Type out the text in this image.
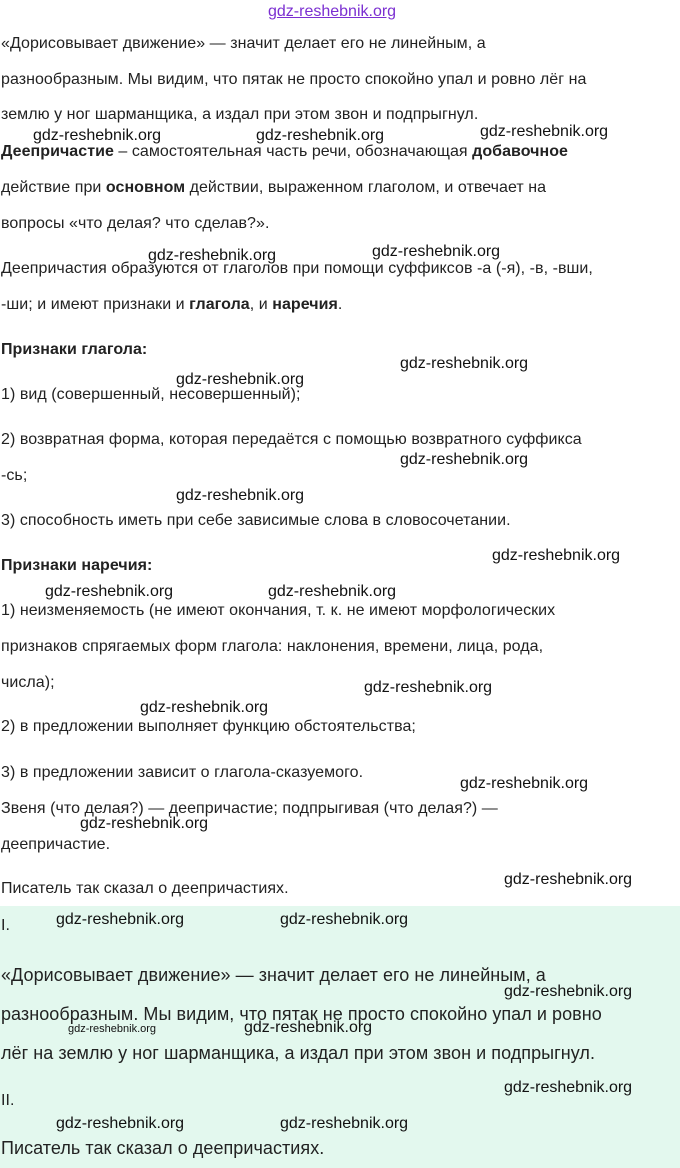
«Дорисовывает движение» — значит делает его не линейным, а
разнообразным. Мы видим, что пятак не просто спокойно упал и ровно лёг на
землю у ног шарманщика, а издал при этом звон и подпрыгнул.
Деепричастие – самостоятельная часть речи, обозначающая добавочное
действие при основном действии, выраженном глаголом, и отвечает на
вопросы «что делая? что сделав?».
Деепричастия образуются от глаголов при помощи суффиксов -а (-я), -в, -вши,
-ши; и имеют признаки и глагола, и наречия.
Признаки глагола:
1) вид (совершенный, несовершенный);
2) возвратная форма, которая передаётся с помощью возвратного суффикса
-сь;
3) способность иметь при себе зависимые слова в словосочетании.
Признаки наречия:
1) неизменяемость (не имеют окончания, т. к. не имеют морфологических
признаков спрягаемых форм глагола: наклонения, времени, лица, рода,
числа);
2) в предложении выполняет функцию обстоятельства;
3) в предложении зависит о глагола-сказуемого.
Звеня (что делая?) — деепричастие; подпрыгивая (что делая?) —
деепричастие.
Писатель так сказал о деепричастиях.
I.
«Дорисовывает движение» — значит делает его не линейным, а
разнообразным. Мы видим, что пятак не просто спокойно упал и ровно
лёг на землю у ног шарманщика, а издал при этом звон и подпрыгнул.
II.
Писатель так сказал о деепричастиях.
gdz-reshebnik.org
gdz-reshebnik.org	gdz-reshebnik.org	gdz-reshebnik.org
gdz-reshebnik.org	gdz-reshebnik.org
gdz-reshebnik.org
gdz-reshebnik.org
gdz-reshebnik.org
gdz-reshebnik.org
gdz-reshebnik.org
gdz-reshebnik.org	gdz-reshebnik.org
gdz-reshebnik.org
gdz-reshebnik.org
gdz-reshebnik.org
gdz-reshebnik.org
gdz-reshebnik.org
gdz-reshebnik.org	gdz-reshebnik.org
gdz-reshebnik.org
gdz-reshebnik.org	gdz-reshebnik.org
gdz-reshebnik.org
gdz-reshebnik.org	gdz-reshebnik.org
